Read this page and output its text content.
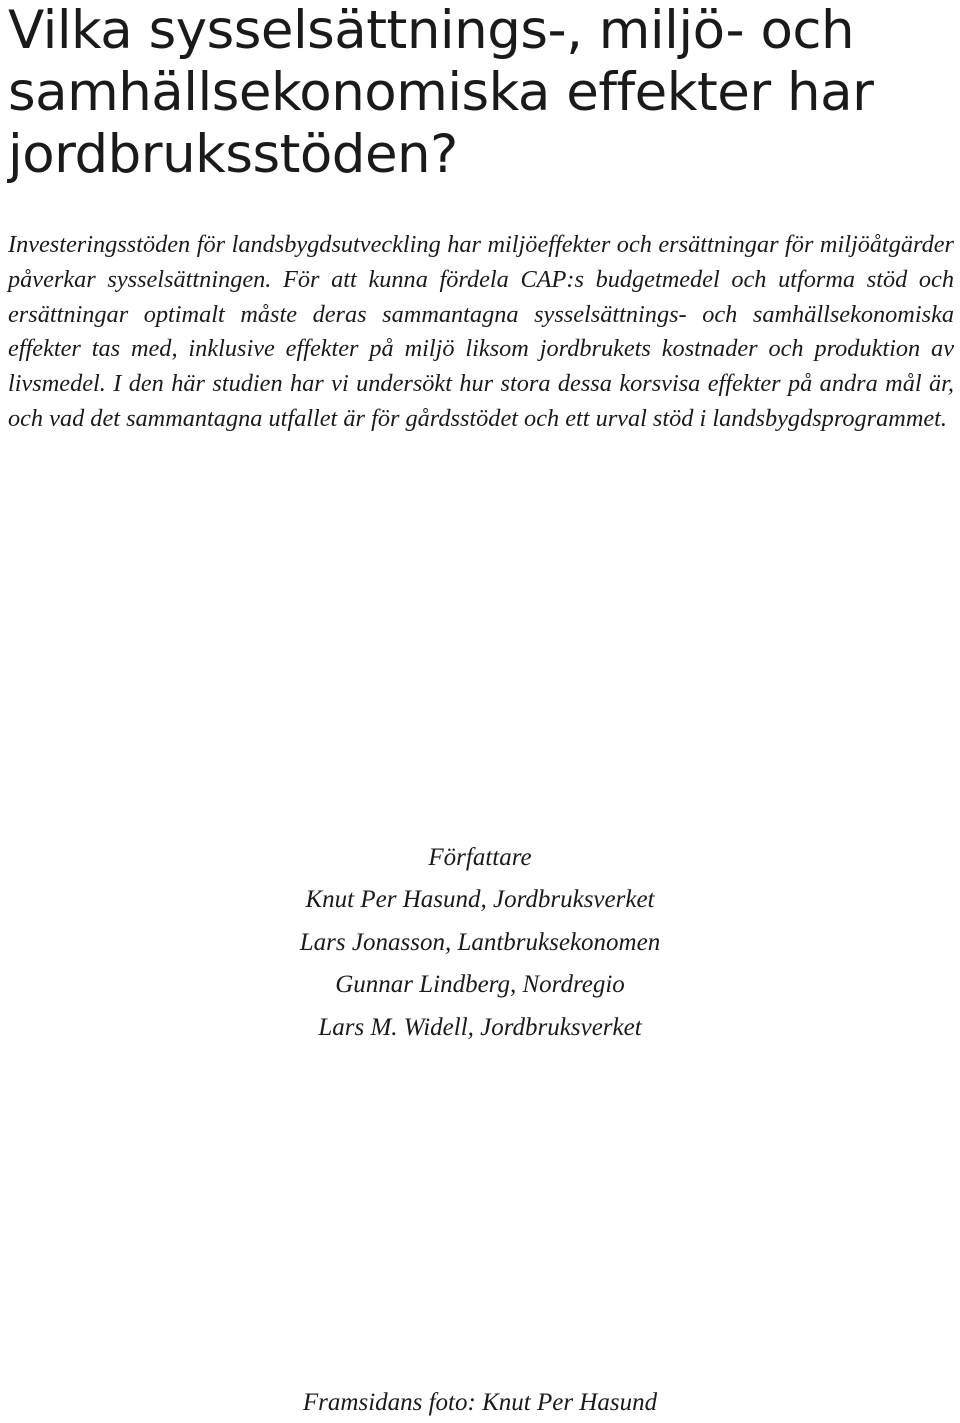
Vilka sysselsättnings-, miljö- och samhällsekonomiska effekter har jordbruksstöden?

Investeringsstöden för landsbygdsutveckling har miljöeffekter och ersättningar för miljöåtgärder påverkar sysselsättningen. För att kunna fördela CAP:s budgetmedel och utforma stöd och ersättningar optimalt måste deras sammantagna sysselsättnings- och samhällsekonomiska effekter tas med, inklusive effekter på miljö liksom jordbrukets kostnader och produktion av livsmedel. I den här studien har vi undersökt hur stora dessa korsvisa effekter på andra mål är, och vad det sammantagna utfallet är för gårdsstödet och ett urval stöd i landsbygdsprogrammet.

Författare
Knut Per Hasund, Jordbruksverket
Lars Jonasson, Lantbruksekonomen
Gunnar Lindberg, Nordregio
Lars M. Widell, Jordbruksverket
Framsidans foto: Knut Per Hasund
